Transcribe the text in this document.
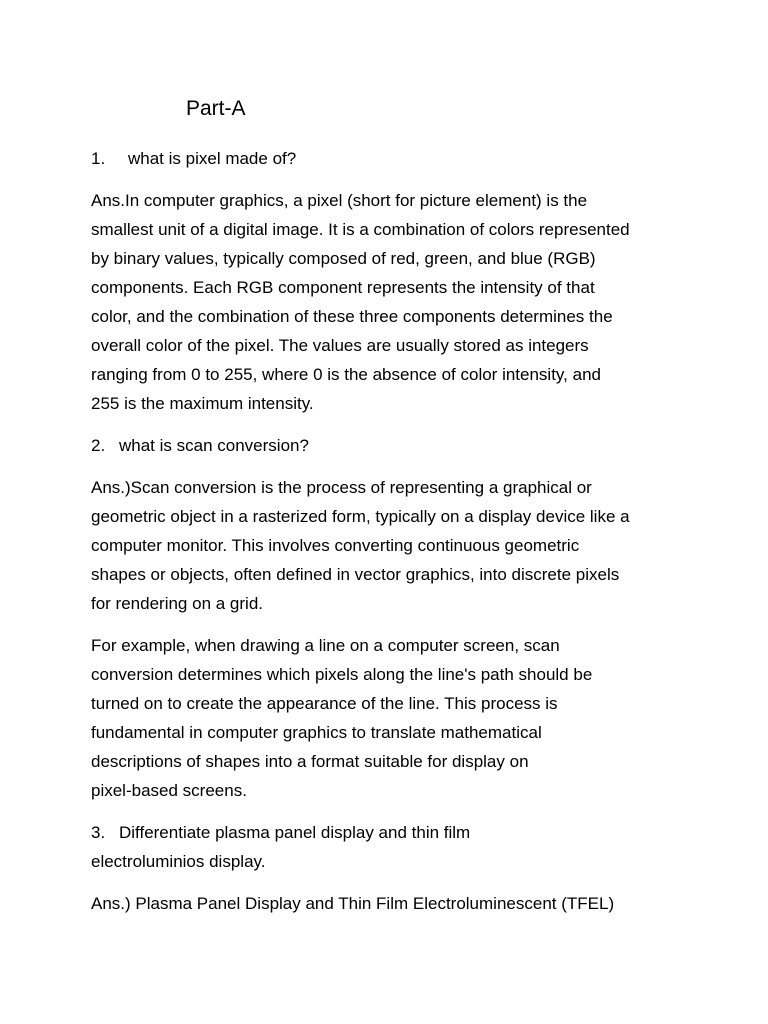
Part-A
1. what is pixel made of?
Ans.In computer graphics, a pixel (short for picture element) is the
smallest unit of a digital image. It is a combination of colors represented
by binary values, typically composed of red, green, and blue (RGB)
components. Each RGB component represents the intensity of that
color, and the combination of these three components determines the
overall color of the pixel. The values are usually stored as integers
ranging from 0 to 255, where 0 is the absence of color intensity, and
255 is the maximum intensity.
2. what is scan conversion?
Ans.)Scan conversion is the process of representing a graphical or
geometric object in a rasterized form, typically on a display device like a
computer monitor. This involves converting continuous geometric
shapes or objects, often defined in vector graphics, into discrete pixels
for rendering on a grid.
For example, when drawing a line on a computer screen, scan
conversion determines which pixels along the line's path should be
turned on to create the appearance of the line. This process is
fundamental in computer graphics to translate mathematical
descriptions of shapes into a format suitable for display on
pixel-based screens.
3. Differentiate plasma panel display and thin film
electroluminios display.
Ans.) Plasma Panel Display and Thin Film Electroluminescent (TFEL)
